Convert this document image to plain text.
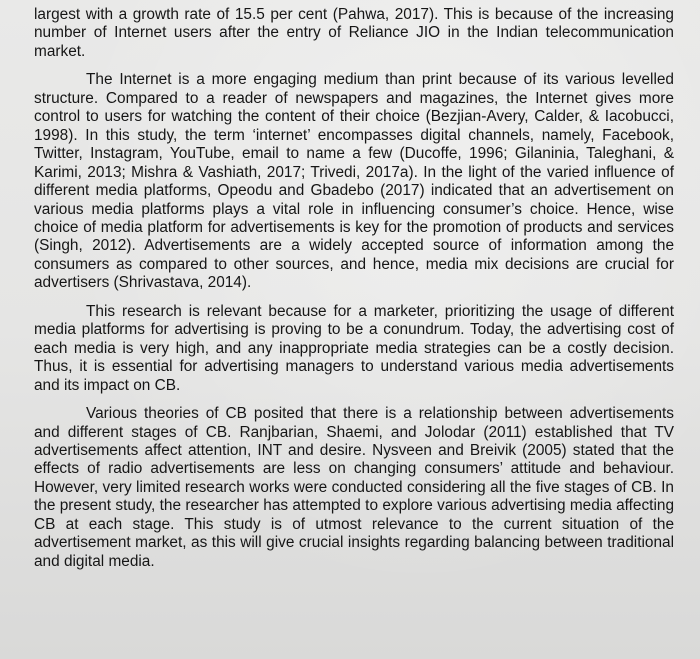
largest with a growth rate of 15.5 per cent (Pahwa, 2017). This is because of the increasing number of Internet users after the entry of Reliance JIO in the Indian telecommunication market.

The Internet is a more engaging medium than print because of its various levelled structure. Compared to a reader of newspapers and magazines, the Internet gives more control to users for watching the content of their choice (Bezjian-Avery, Calder, & Iacobucci, 1998). In this study, the term ‘internet’ encompasses digital channels, namely, Facebook, Twitter, Instagram, YouTube, email to name a few (Ducoffe, 1996; Gilaninia, Taleghani, & Karimi, 2013; Mishra & Vashiath, 2017; Trivedi, 2017a). In the light of the varied influence of different media platforms, Opeodu and Gbadebo (2017) indicated that an advertisement on various media platforms plays a vital role in influencing consumer’s choice. Hence, wise choice of media platform for advertisements is key for the promotion of products and services (Singh, 2012). Advertisements are a widely accepted source of information among the consumers as compared to other sources, and hence, media mix decisions are crucial for advertisers (Shrivastava, 2014).

This research is relevant because for a marketer, prioritizing the usage of different media platforms for advertising is proving to be a conundrum. Today, the advertising cost of each media is very high, and any inappropriate media strategies can be a costly decision. Thus, it is essential for advertising managers to understand various media advertisements and its impact on CB.

Various theories of CB posited that there is a relationship between advertisements and different stages of CB. Ranjbarian, Shaemi, and Jolodar (2011) established that TV advertisements affect attention, INT and desire. Nysveen and Breivik (2005) stated that the effects of radio advertisements are less on changing consumers’ attitude and behaviour. However, very limited research works were conducted considering all the five stages of CB. In the present study, the researcher has attempted to explore various advertising media affecting CB at each stage. This study is of utmost relevance to the current situation of the advertisement market, as this will give crucial insights regarding balancing between traditional and digital media.
